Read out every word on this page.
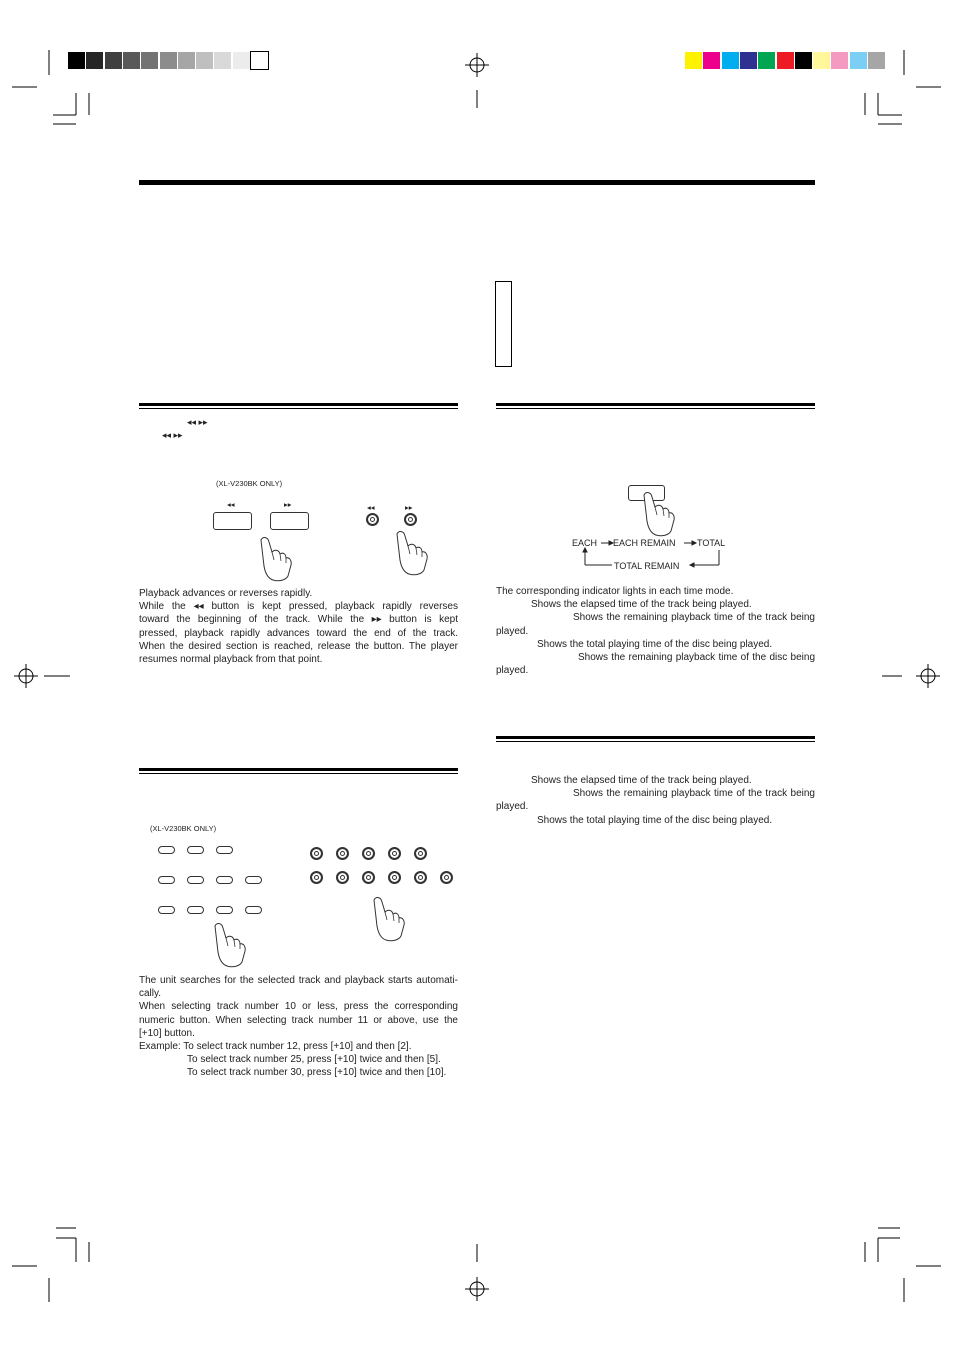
◂◂ ▸▸
◂◂ ▸▸
(XL-V230BK ONLY)
◂◂	▸▸	◂◂	▸▸
Playback advances or reverses rapidly.
While the ◂◂ button is kept pressed, playback rapidly reverses
toward the beginning of the track. While the ▸▸ button is kept
pressed, playback rapidly advances toward the end of the track.
When the desired section is reached, release the button. The player
resumes normal playback from that point.
(XL-V230BK ONLY)
The unit searches for the selected track and playback starts automati-
cally.
When selecting track number 10 or less, press the corresponding
numeric button. When selecting track number 11 or above, use the
[+10] button.
Example: To select track number 12, press [+10] and then [2].
To select track number 25, press [+10] twice and then [5].
To select track number 30, press [+10] twice and then [10].
EACH EACH REMAIN TOTAL
TOTAL REMAIN
The corresponding indicator lights in each time mode.
Shows the elapsed time of the track being played.
Shows the remaining playback time of the track being
played.
Shows the total playing time of the disc being played.
Shows the remaining playback time of the disc being
played.
Shows the elapsed time of the track being played.
Shows the remaining playback time of the track being
played.
Shows the total playing time of the disc being played.
